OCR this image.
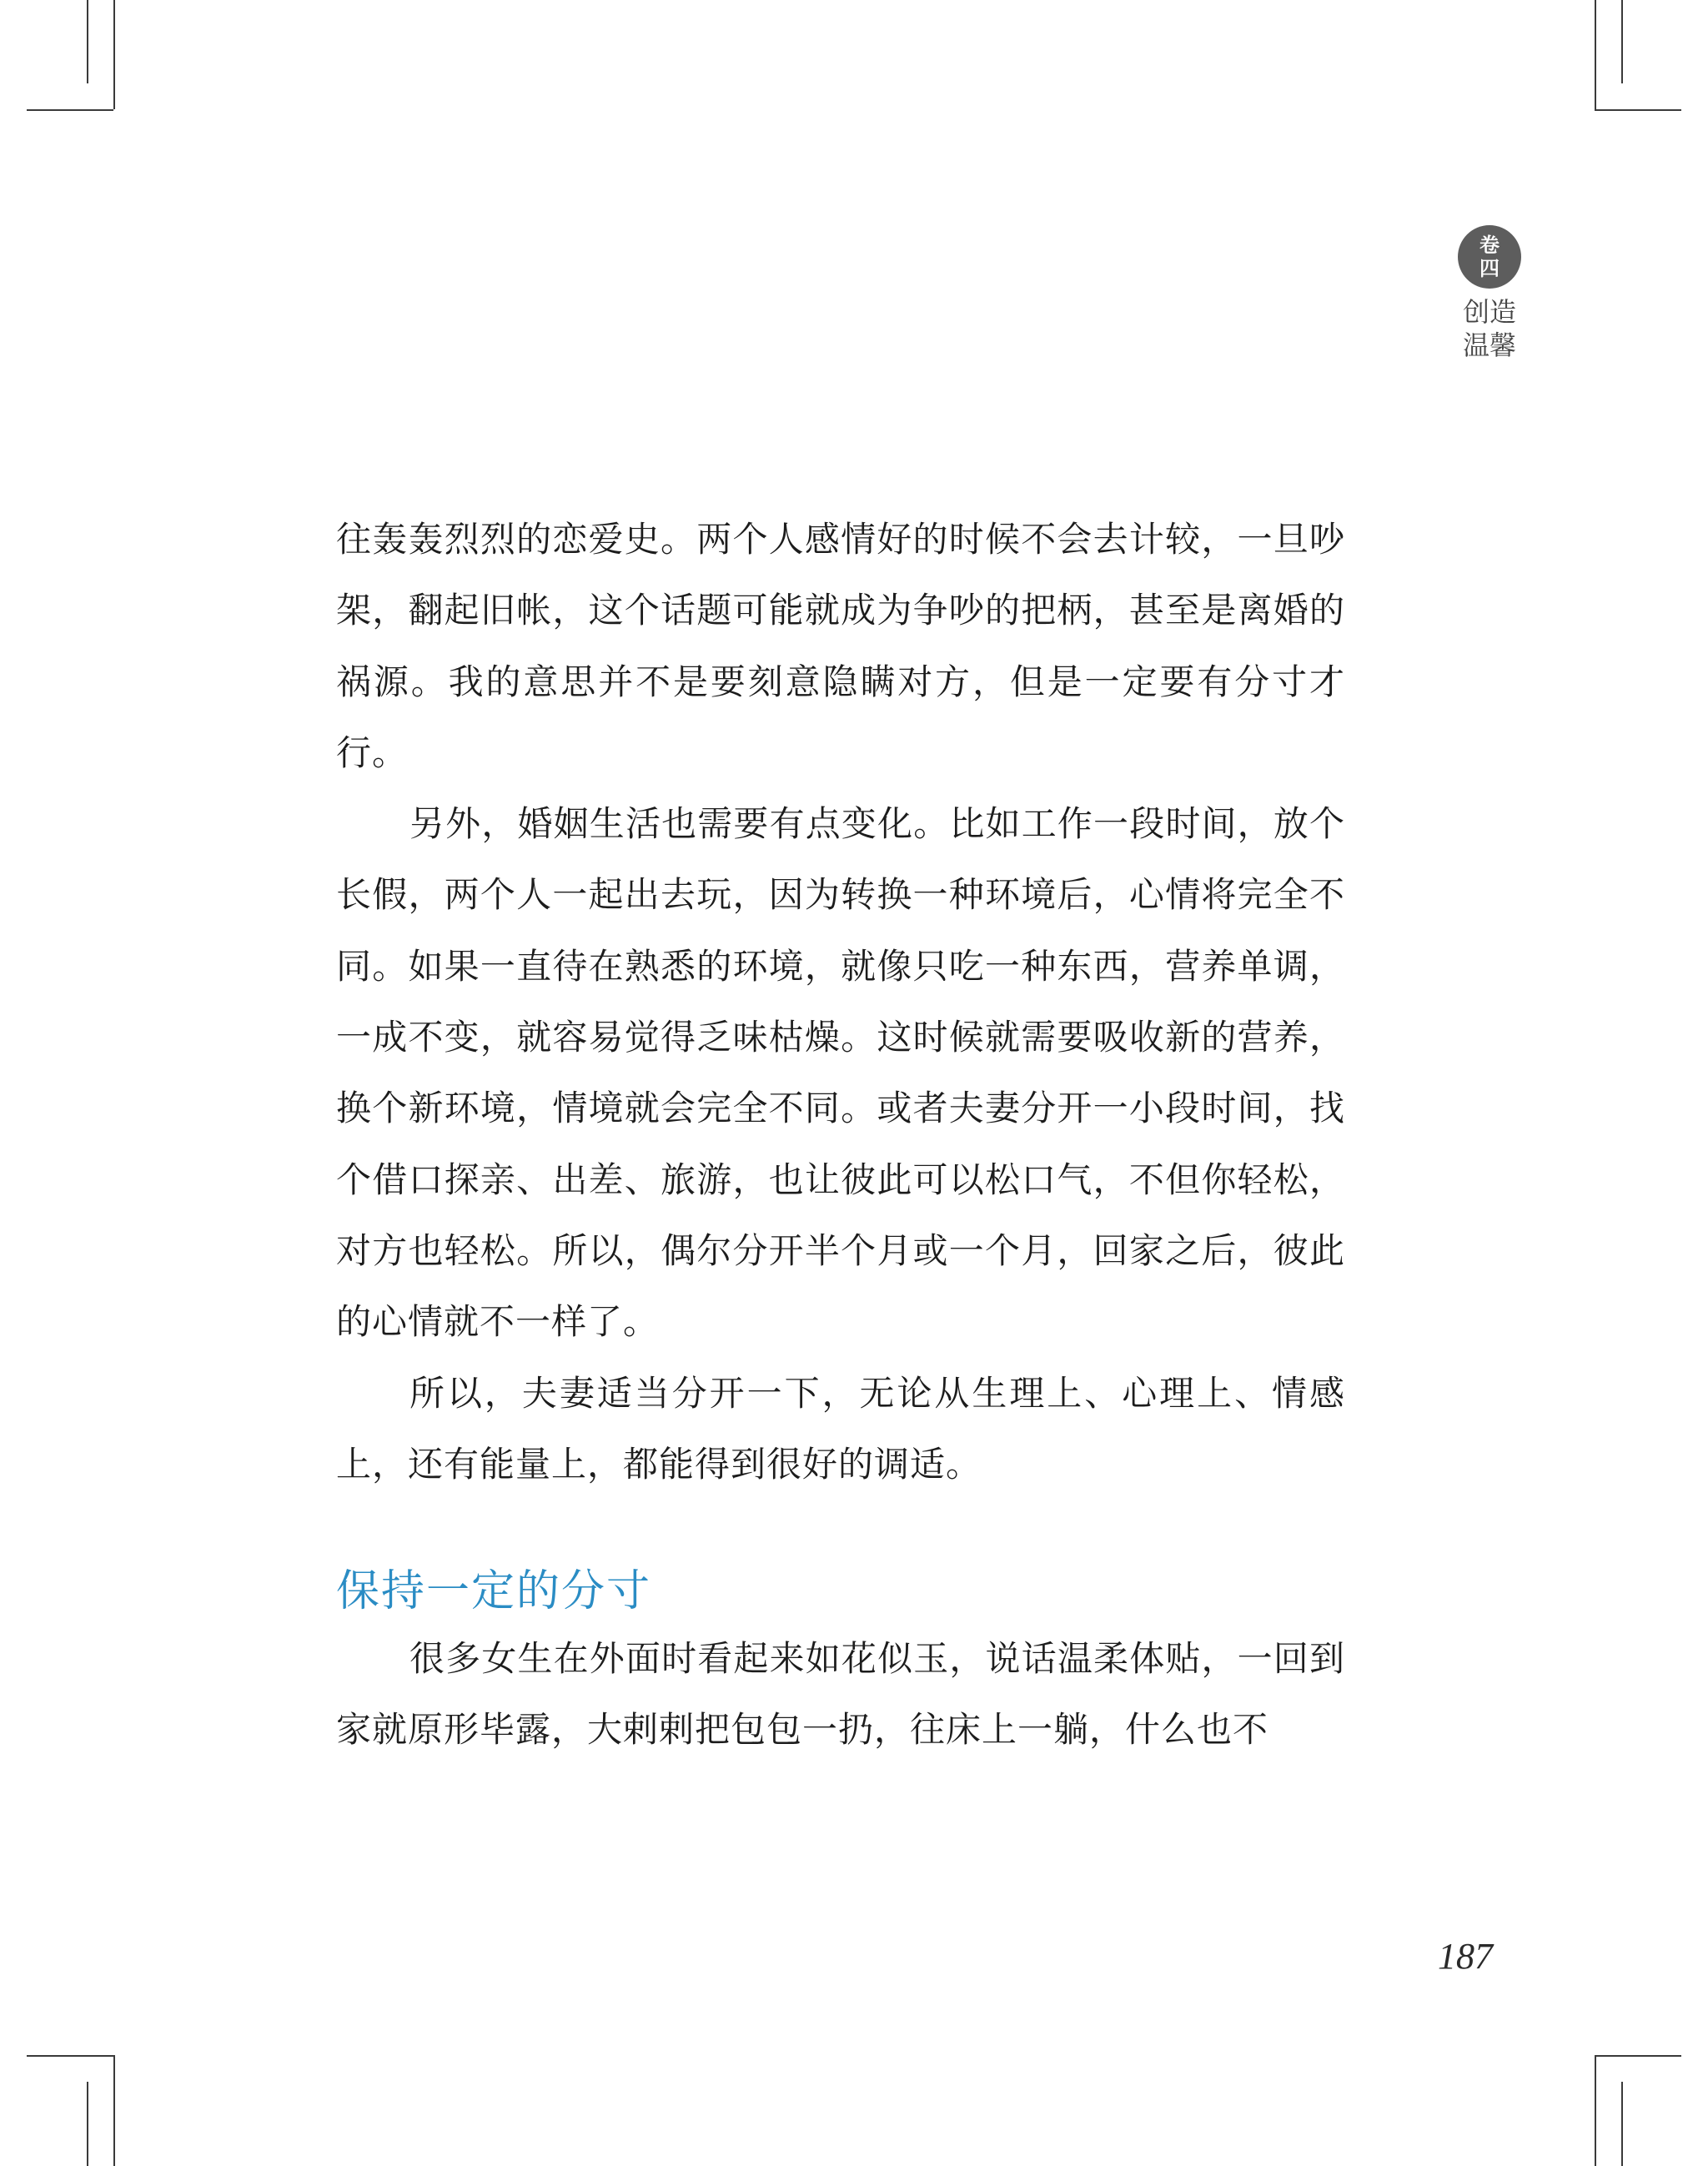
卷
四
创造温馨

往轰轰烈烈的恋爱史。两个人感情好的时候不会去计较，一旦吵架，翻起旧帐，这个话题可能就成为争吵的把柄，甚至是离婚的祸源。我的意思并不是要刻意隐瞒对方，但是一定要有分寸才行。

另外，婚姻生活也需要有点变化。比如工作一段时间，放个长假，两个人一起出去玩，因为转换一种环境后，心情将完全不同。如果一直待在熟悉的环境，就像只吃一种东西，营养单调，一成不变，就容易觉得乏味枯燥。这时候就需要吸收新的营养，换个新环境，情境就会完全不同。或者夫妻分开一小段时间，找个借口探亲、出差、旅游，也让彼此可以松口气，不但你轻松，对方也轻松。所以，偶尔分开半个月或一个月，回家之后，彼此的心情就不一样了。

所以，夫妻适当分开一下，无论从生理上、心理上、情感上，还有能量上，都能得到很好的调适。

保持一定的分寸

很多女生在外面时看起来如花似玉，说话温柔体贴，一回到家就原形毕露，大剌剌把包包一扔，往床上一躺，什么也不

187
